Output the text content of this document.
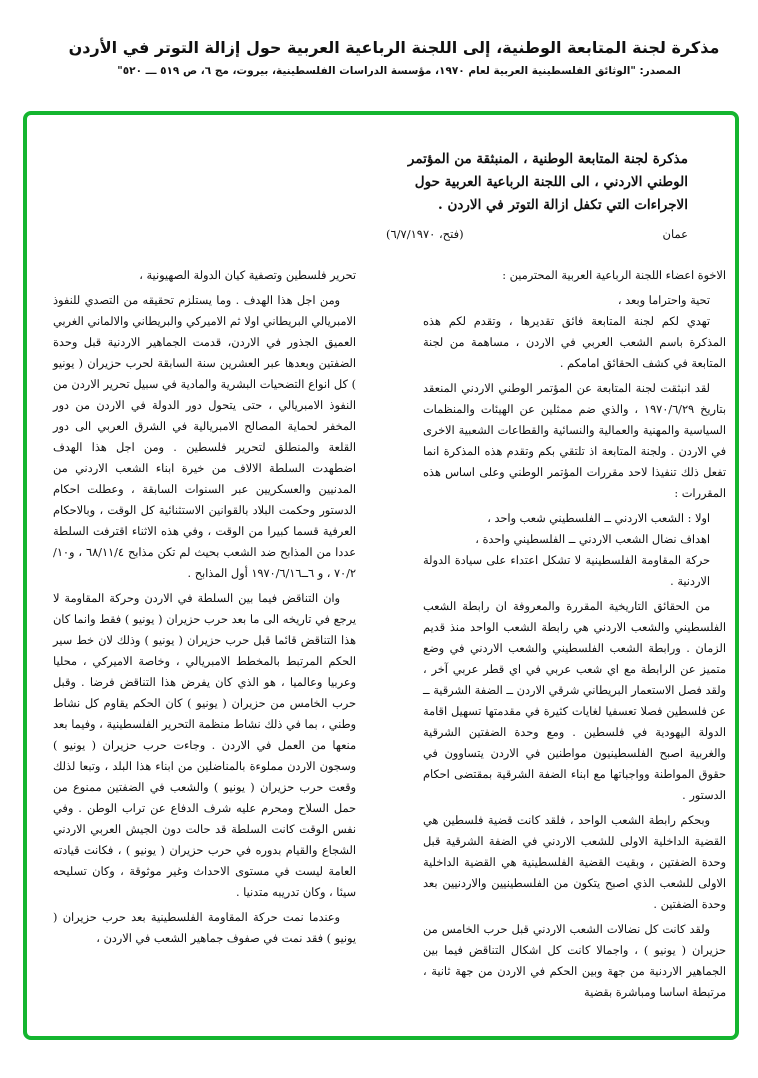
مذكرة لجنة المتابعة الوطنية، إلى اللجنة الرباعية العربية حول إزالة التوتر في الأردن

المصدر: "الوثائق الفلسطينية العربية لعام ١٩٧٠، مؤسسة الدراسات الفلسطينية، بيروت، مج ٦، ص ٥١٩ ـــ ٥٢٠"

مذكرة لجنة المتابعة الوطنية ، المنبثقة من المؤتمر الوطني الاردني ، الى اللجنة الرباعية العربية حول الاجراءات التي تكفل ازالة التوتر في الاردن .

عمان
(فتح، ٦/٧/١٩٧٠)

الاخوة اعضاء اللجنة الرباعية العربية المحترمين :

تحية واحتراما وبعد ،

تهدي لكم لجنة المتابعة فائق تقديرها ، وتقدم لكم هذه المذكرة باسم الشعب العربي في الاردن ، مساهمة من لجنة المتابعة في كشف الحقائق امامكم .

لقد انبثقت لجنة المتابعة عن المؤتمر الوطني الاردني المنعقد بتاريخ ١٩٧٠/٦/٢٩ ، والذي ضم ممثلين عن الهيئات والمنظمات السياسية والمهنية والعمالية والنسائية والقطاعات الشعبية الاخرى في الاردن . ولجنة المتابعة اذ تلتقي بكم وتقدم هذه المذكرة انما تفعل ذلك تنفيذا لاحد مقررات المؤتمر الوطني وعلى اساس هذه المقررات :

اولا : الشعب الاردني ــ الفلسطيني شعب واحد ،

اهداف نضال الشعب الاردني ــ الفلسطيني واحدة ،

حركة المقاومة الفلسطينية لا تشكل اعتداء على سيادة الدولة الاردنية .

من الحقائق التاريخية المقررة والمعروفة ان رابطة الشعب الفلسطيني والشعب الاردني هي رابطة الشعب الواحد منذ قديم الزمان . ورابطة الشعب الفلسطيني والشعب الاردني في وضع متميز عن الرابطة مع اي شعب عربي في اي قطر عربي آخر ، ولقد فصل الاستعمار البريطاني شرقي الاردن ــ الضفة الشرقية ــ عن فلسطين فصلا تعسفيا لغايات كثيرة في مقدمتها تسهيل اقامة الدولة اليهودية في فلسطين . ومع وحدة الضفتين الشرقية والغربية اصبح الفلسطينيون مواطنين في الاردن يتساوون في حقوق المواطنة وواجباتها مع ابناء الضفة الشرقية بمقتضى احكام الدستور .

وبحكم رابطة الشعب الواحد ، فلقد كانت قضية فلسطين هي القضية الداخلية الاولى للشعب الاردني في الضفة الشرقية قبل وحدة الضفتين ، وبقيت القضية الفلسطينية هي القضية الداخلية الاولى للشعب الذي اصبح يتكون من الفلسطينيين والاردنيين بعد وحدة الضفتين .

ولقد كانت كل نضالات الشعب الاردني قبل حرب الخامس من حزيران ( يونيو ) ، واجمالا كانت كل اشكال التناقض فيما بين الجماهير الاردنية من جهة وبين الحكم في الاردن من جهة ثانية ، مرتبطة اساسا ومباشرة بقضية

تحرير فلسطين وتصفية كيان الدولة الصهيونية ،

ومن اجل هذا الهدف . وما يستلزم تحقيقه من التصدي للنفوذ الامبريالي البريطاني اولا ثم الاميركي والبريطاني والالماني الغربي العميق الجذور في الاردن، قدمت الجماهير الاردنية قبل وحدة الضفتين وبعدها عبر العشرين سنة السابقة لحرب حزيران ( يونيو ) كل انواع التضحيات البشرية والمادية في سبيل تحرير الاردن من النفوذ الامبريالي ، حتى يتحول دور الدولة في الاردن من دور المخفر لحماية المصالح الامبريالية في الشرق العربي الى دور القلعة والمنطلق لتحرير فلسطين . ومن اجل هذا الهدف اضطهدت السلطة الالاف من خيرة ابناء الشعب الاردني من المدنيين والعسكريين عبر السنوات السابقة ، وعطلت احكام الدستور وحكمت البلاد بالقوانين الاستثنائية كل الوقت ، وبالاحكام العرفية قسما كبيرا من الوقت ، وفي هذه الاثناء اقترفت السلطة عددا من المذابح ضد الشعب بحيث لم تكن مذابح ٦٨/١١/٤ ، و١٠/ ٧٠/٢ ، و ٦ــ١٩٧٠/٦/١٦ أول المذابح .

وان التناقض فيما بين السلطة في الاردن وحركة المقاومة لا يرجع في تاريخه الى ما بعد حرب حزيران ( يونيو ) فقط وانما كان هذا التناقض قائما قبل حرب حزيران ( يونيو ) وذلك لان خط سير الحكم المرتبط بالمخطط الامبريالي ، وخاصة الاميركي ، محليا وعربيا وعالميا ، هو الذي كان يفرض هذا التناقض فرضا . وقبل حرب الخامس من حزيران ( يونيو ) كان الحكم يقاوم كل نشاط وطني ، بما في ذلك نشاط منظمة التحرير الفلسطينية ، وفيما بعد منعها من العمل في الاردن . وجاءت حرب حزيران ( يونيو ) وسجون الاردن مملوءة بالمناضلين من ابناء هذا البلد ، وتبعا لذلك وقعت حرب حزيران ( يونيو ) والشعب في الضفتين ممنوع من حمل السلاح ومحرم عليه شرف الدفاع عن تراب الوطن . وفي نفس الوقت كانت السلطة قد حالت دون الجيش العربي الاردني الشجاع والقيام بدوره في حرب حزيران ( يونيو ) ، فكانت قيادته العامة ليست في مستوى الاحداث وغير موثوقة ، وكان تسليحه سيئا ، وكان تدريبه متدنيا .

وعندما نمت حركة المقاومة الفلسطينية بعد حرب حزيران ( يونيو ) فقد نمت في صفوف جماهير الشعب في الاردن ،
